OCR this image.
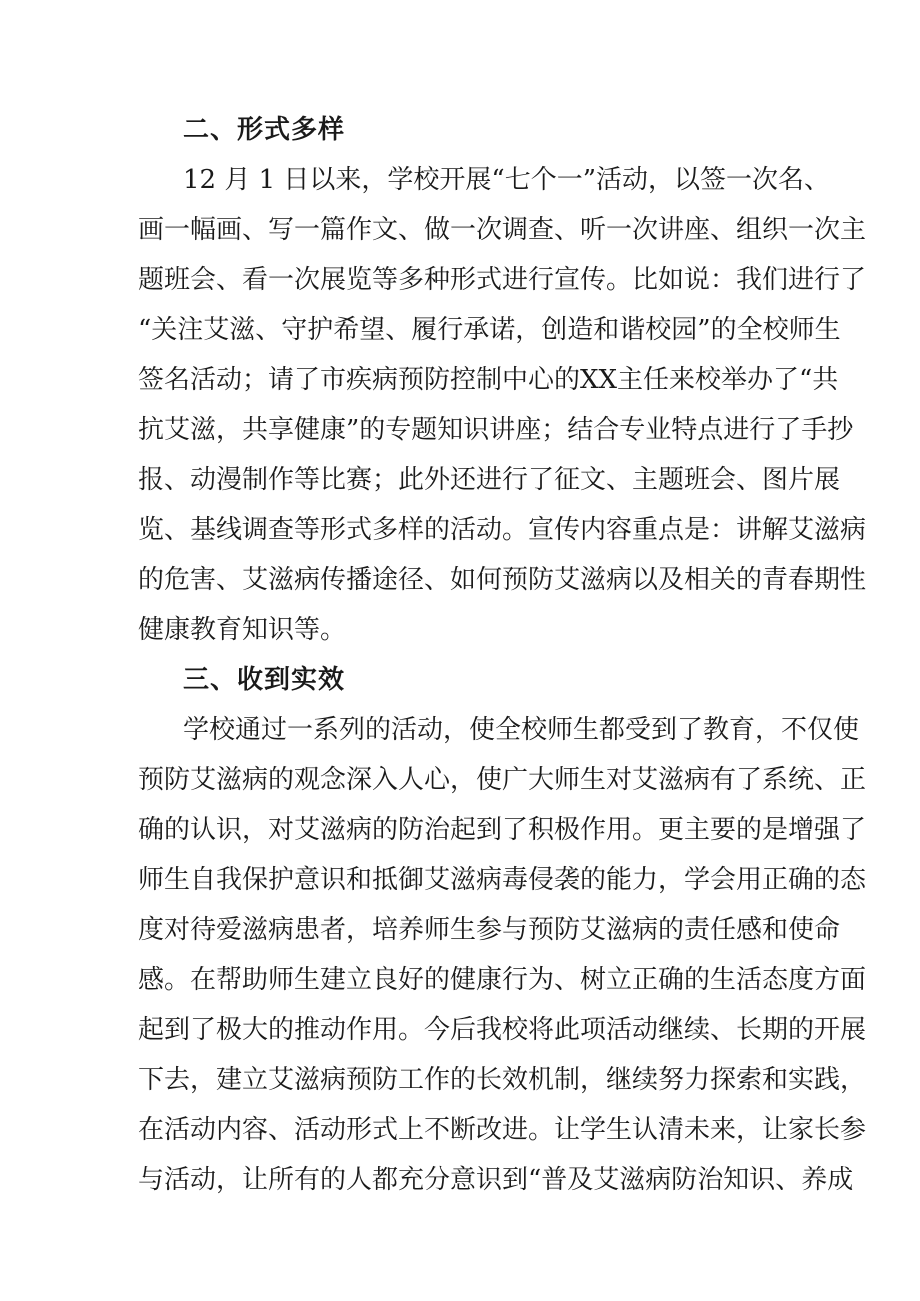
二、形式多样
12 月 1 日以来，学校开展“七个一”活动，以签一次名、
画一幅画、写一篇作文、做一次调查、听一次讲座、组织一次主
题班会、看一次展览等多种形式进行宣传。比如说：我们进行了
“关注艾滋、守护希望、履行承诺，创造和谐校园”的全校师生
签名活动；请了市疾病预防控制中心的XX主任来校举办了“共
抗艾滋，共享健康”的专题知识讲座；结合专业特点进行了手抄
报、动漫制作等比赛；此外还进行了征文、主题班会、图片展
览、基线调查等形式多样的活动。宣传内容重点是：讲解艾滋病
的危害、艾滋病传播途径、如何预防艾滋病以及相关的青春期性
健康教育知识等。
三、收到实效
学校通过一系列的活动，使全校师生都受到了教育，不仅使
预防艾滋病的观念深入人心，使广大师生对艾滋病有了系统、正
确的认识，对艾滋病的防治起到了积极作用。更主要的是增强了
师生自我保护意识和抵御艾滋病毒侵袭的能力，学会用正确的态
度对待爱滋病患者，培养师生参与预防艾滋病的责任感和使命
感。在帮助师生建立良好的健康行为、树立正确的生活态度方面
起到了极大的推动作用。今后我校将此项活动继续、长期的开展
下去，建立艾滋病预防工作的长效机制，继续努力探索和实践，
在活动内容、活动形式上不断改进。让学生认清未来，让家长参
与活动，让所有的人都充分意识到“普及艾滋病防治知识、养成
